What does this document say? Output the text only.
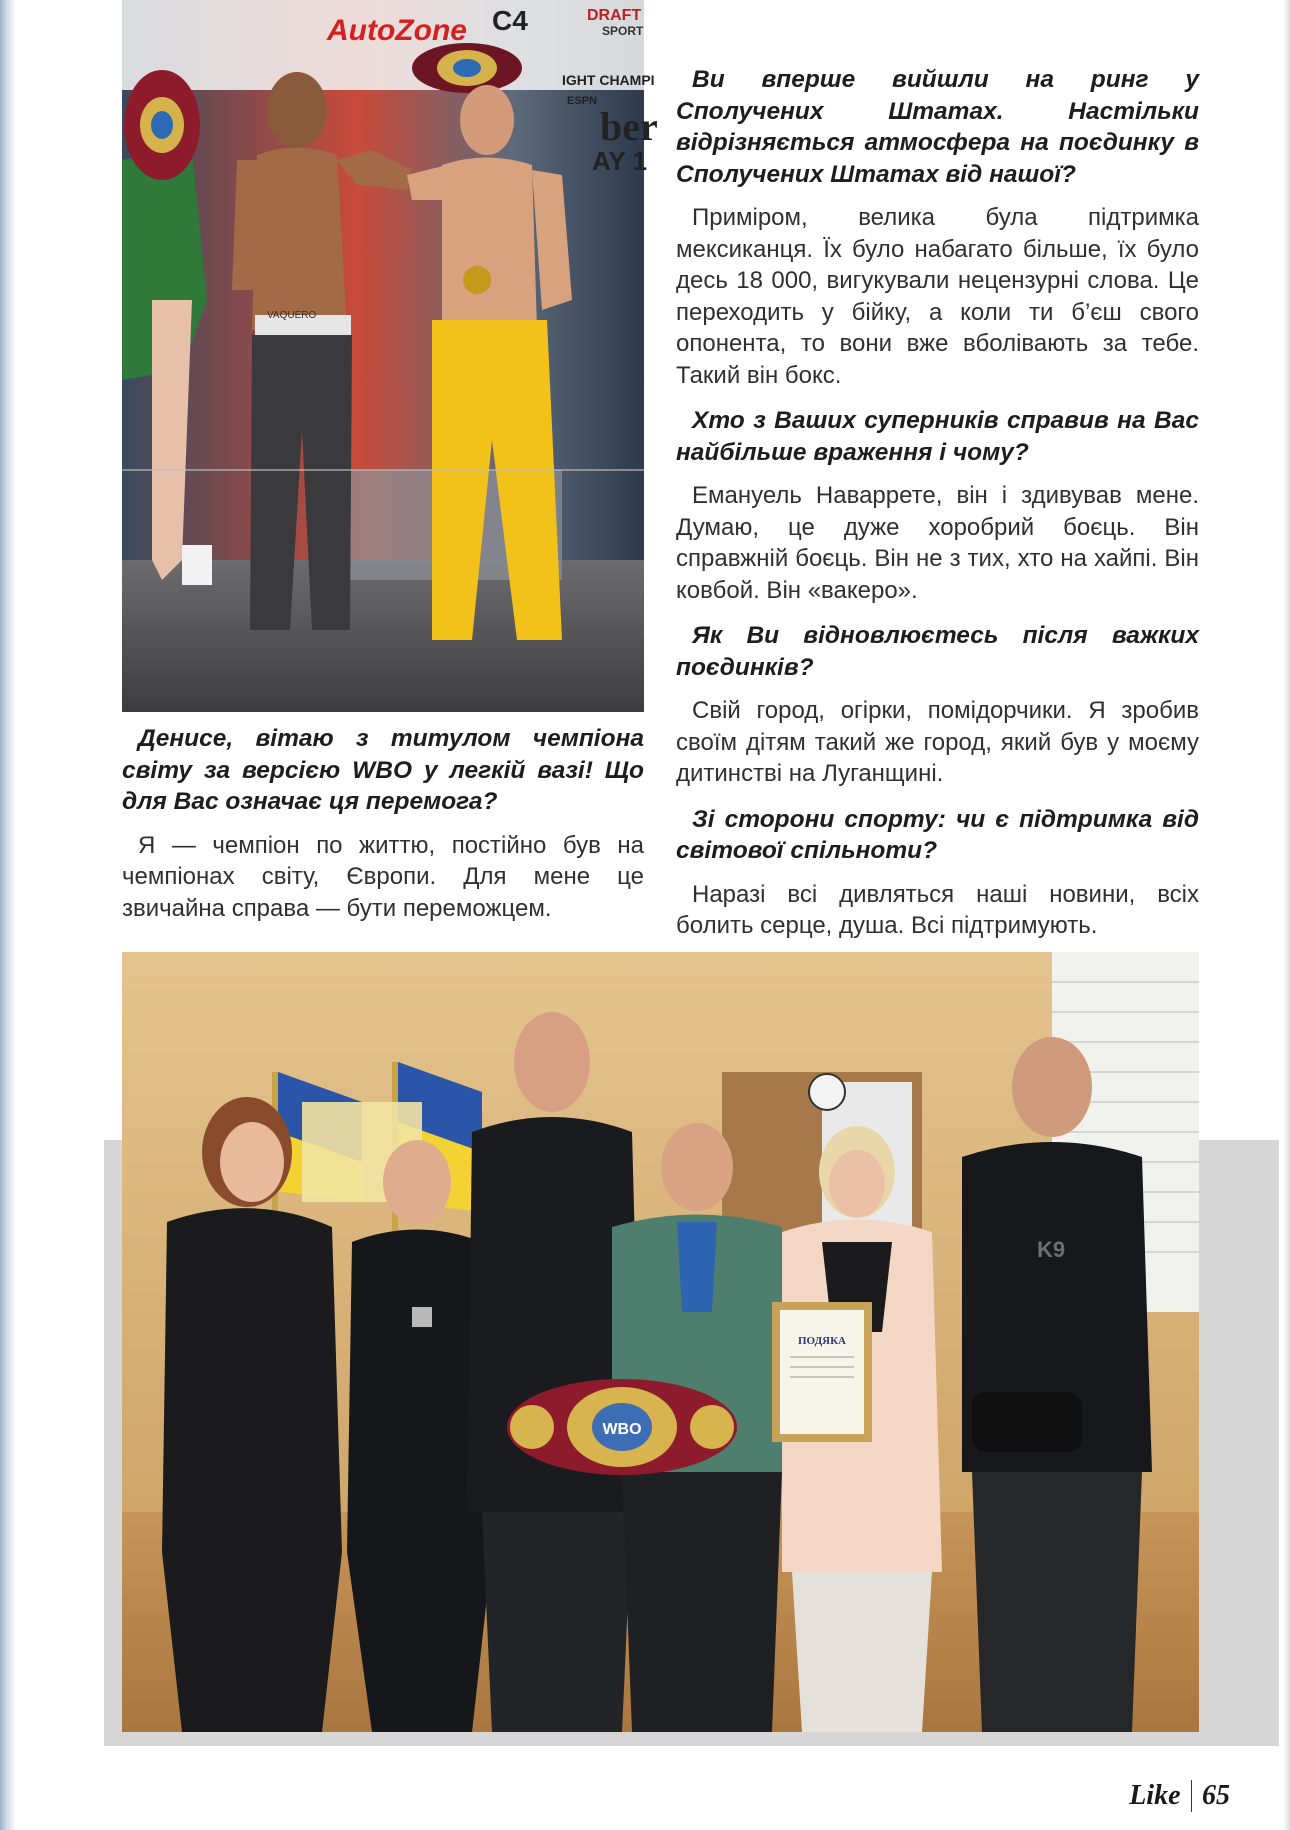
AutoZone C4	DRAFT
SPORT
IGHT CHAMPI
ber
AY 1
ESPN
VAQUERO

Денисе, вітаю з титулом чемпіона світу за версією WBO у легкій вазі! Що для Вас означає ця перемога?

Я — чемпіон по життю, постійно був на чемпіонах світу, Європи. Для мене це звичайна справа — бути переможцем.

Ви вперше вийшли на ринг у Сполучених Штатах. Настільки відрізняється атмосфера на поєдинку в Сполучених Штатах від нашої?

Приміром, велика була підтримка мексиканця. Їх було набагато більше, їх було десь 18 000, вигукували нецензурні слова. Це переходить у бійку, а коли ти б’єш свого опонента, то вони вже вболівають за тебе. Такий він бокс.

Хто з Ваших суперників справив на Вас найбільше враження і чому?

Емануель Наваррете, він і здивував мене. Думаю, це дуже хоробрий боєць. Він справжній боєць. Він не з тих, хто на хайпі. Він ковбой. Він «вакеро».

Як Ви відновлюєтесь після важких поєдинків?

Свій город, огірки, помідорчики. Я зробив своїм дітям такий же город, який був у моєму дитинстві на Луганщині.

Зі сторони спорту: чи є підтримка від світової спільноти?

Наразі всі дивляться наші новини, всіх болить серце, душа. Всі підтримують.

ПОДЯКА
K9
WBO
Like 65
